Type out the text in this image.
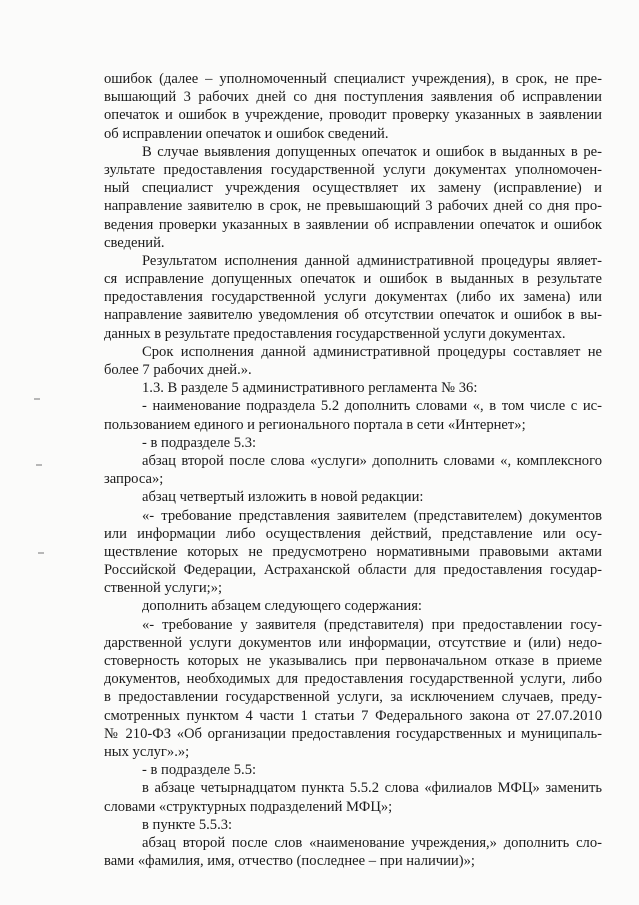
ошибок (далее – уполномоченный специалист учреждения), в срок, не пре-
вышающий 3 рабочих дней со дня поступления заявления об исправлении
опечаток и ошибок в учреждение, проводит проверку указанных в заявлении
об исправлении опечаток и ошибок сведений.
В случае выявления допущенных опечаток и ошибок в выданных в ре-
зультате предоставления государственной услуги документах уполномочен-
ный специалист учреждения осуществляет их замену (исправление) и
направление заявителю в срок, не превышающий 3 рабочих дней со дня про-
ведения проверки указанных в заявлении об исправлении опечаток и ошибок
сведений.
Результатом исполнения данной административной процедуры являет-
ся исправление допущенных опечаток и ошибок в выданных в результате
предоставления государственной услуги документах (либо их замена) или
направление заявителю уведомления об отсутствии опечаток и ошибок в вы-
данных в результате предоставления государственной услуги документах.
Срок исполнения данной административной процедуры составляет не
более 7 рабочих дней.».
1.3. В разделе 5 административного регламента № 36:
- наименование подраздела 5.2 дополнить словами «, в том числе с ис-
пользованием единого и регионального портала в сети «Интернет»;
- в подразделе 5.3:
абзац второй после слова «услуги» дополнить словами «, комплексного
запроса»;
абзац четвертый изложить в новой редакции:
«- требование представления заявителем (представителем) документов
или информации либо осуществления действий, представление или осу-
ществление которых не предусмотрено нормативными правовыми актами
Российской Федерации, Астраханской области для предоставления государ-
ственной услуги;»;
дополнить абзацем следующего содержания:
«- требование у заявителя (представителя) при предоставлении госу-
дарственной услуги документов или информации, отсутствие и (или) недо-
стоверность которых не указывались при первоначальном отказе в приеме
документов, необходимых для предоставления государственной услуги, либо
в предоставлении государственной услуги, за исключением случаев, преду-
смотренных пунктом 4 части 1 статьи 7 Федерального закона от 27.07.2010
№ 210-ФЗ «Об организации предоставления государственных и муниципаль-
ных услуг».»;
- в подразделе 5.5:
в абзаце четырнадцатом пункта 5.5.2 слова «филиалов МФЦ» заменить
словами «структурных подразделений МФЦ»;
в пункте 5.5.3:
абзац второй после слов «наименование учреждения,» дополнить сло-
вами «фамилия, имя, отчество (последнее – при наличии)»;
